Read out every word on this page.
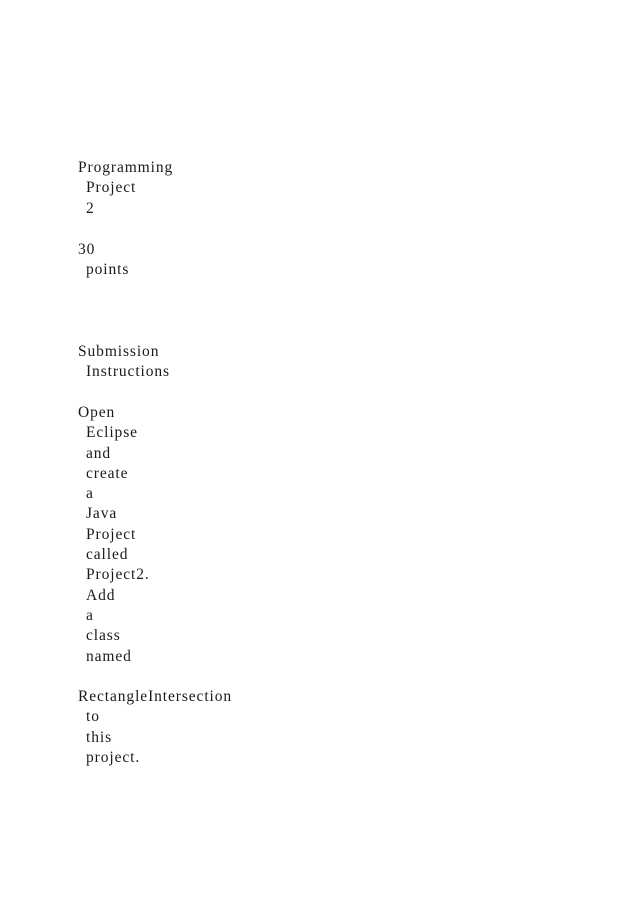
Programming
Project
2
30
points
Submission
Instructions
Open
Eclipse
and
create
a
Java
Project
called
Project2.
Add
a
class
named
RectangleIntersection
to
this
project.
